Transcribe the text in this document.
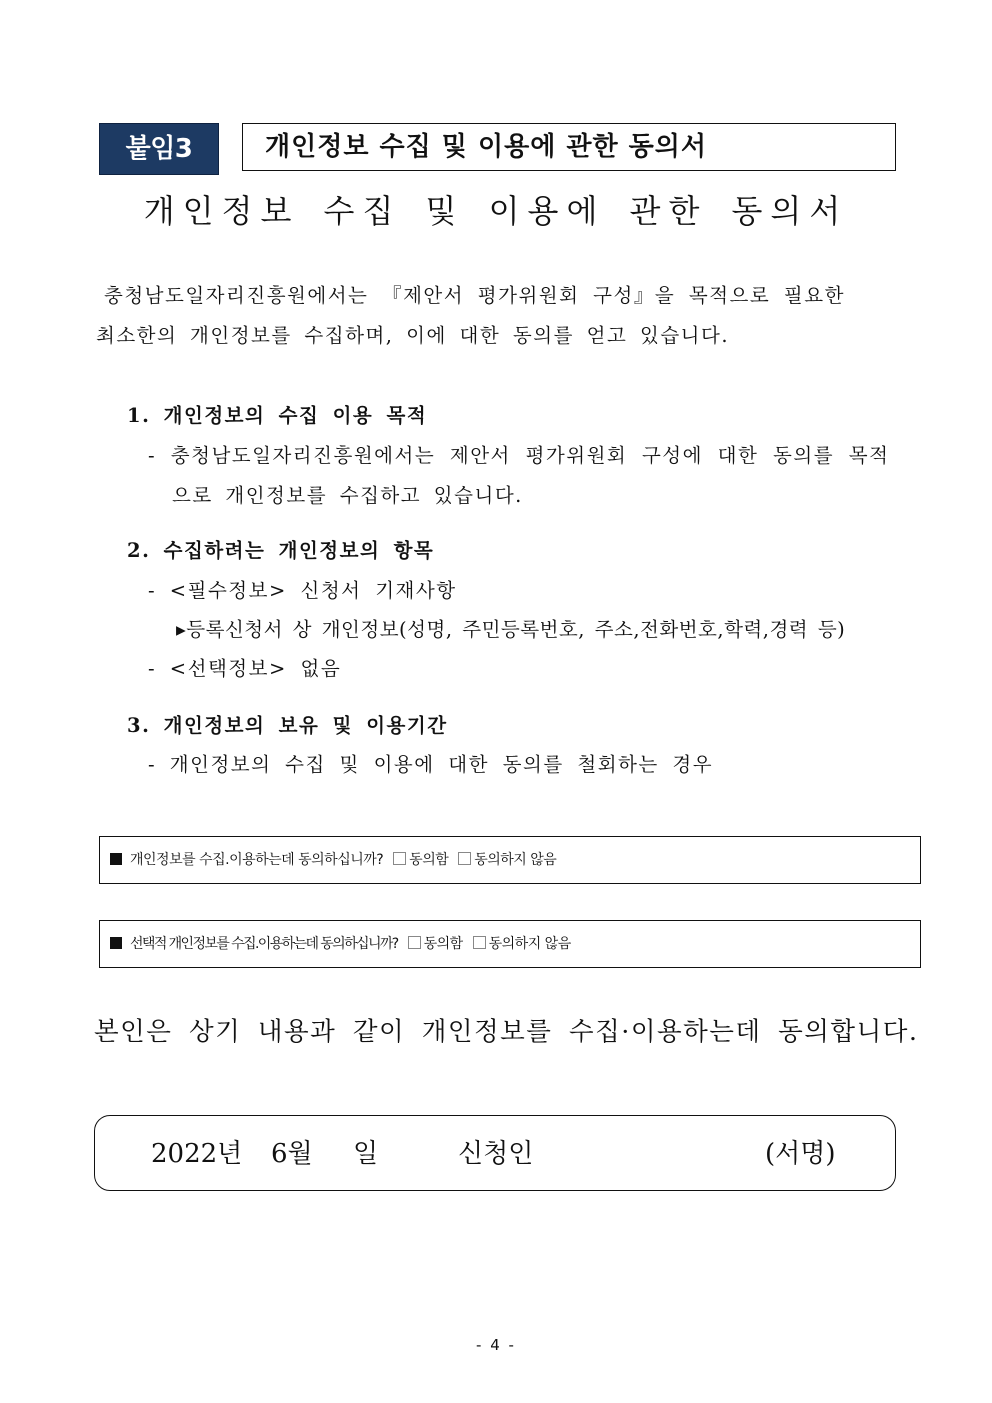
붙임3	개인정보 수집 및 이용에 관한 동의서
개인정보 수집 및 이용에 관한 동의서
충청남도일자리진흥원에서는 『제안서 평가위원회 구성』을 목적으로 필요한
최소한의 개인정보를 수집하며, 이에 대한 동의를 얻고 있습니다.
1. 개인정보의 수집 이용 목적
- 충청남도일자리진흥원에서는 제안서 평가위원회 구성에 대한 동의를 목적
으로 개인정보를 수집하고 있습니다.
2. 수집하려는 개인정보의 항목
- <필수정보> 신청서 기재사항
▸등록신청서 상 개인정보(성명, 주민등록번호, 주소,전화번호,학력,경력 등)
- <선택정보> 없음
3. 개인정보의 보유 및 이용기간
- 개인정보의 수집 및 이용에 대한 동의를 철회하는 경우
개인정보를 수집.이용하는데 동의하십니까? 동의함 동의하지 않음
선택적 개인정보를 수집.이용하는데 동의하십니까? 동의함 동의하지 않음
본인은 상기 내용과 같이 개인정보를 수집·이용하는데 동의합니다.
2022년 6월 일	신청인	(서명)
- 4 -
